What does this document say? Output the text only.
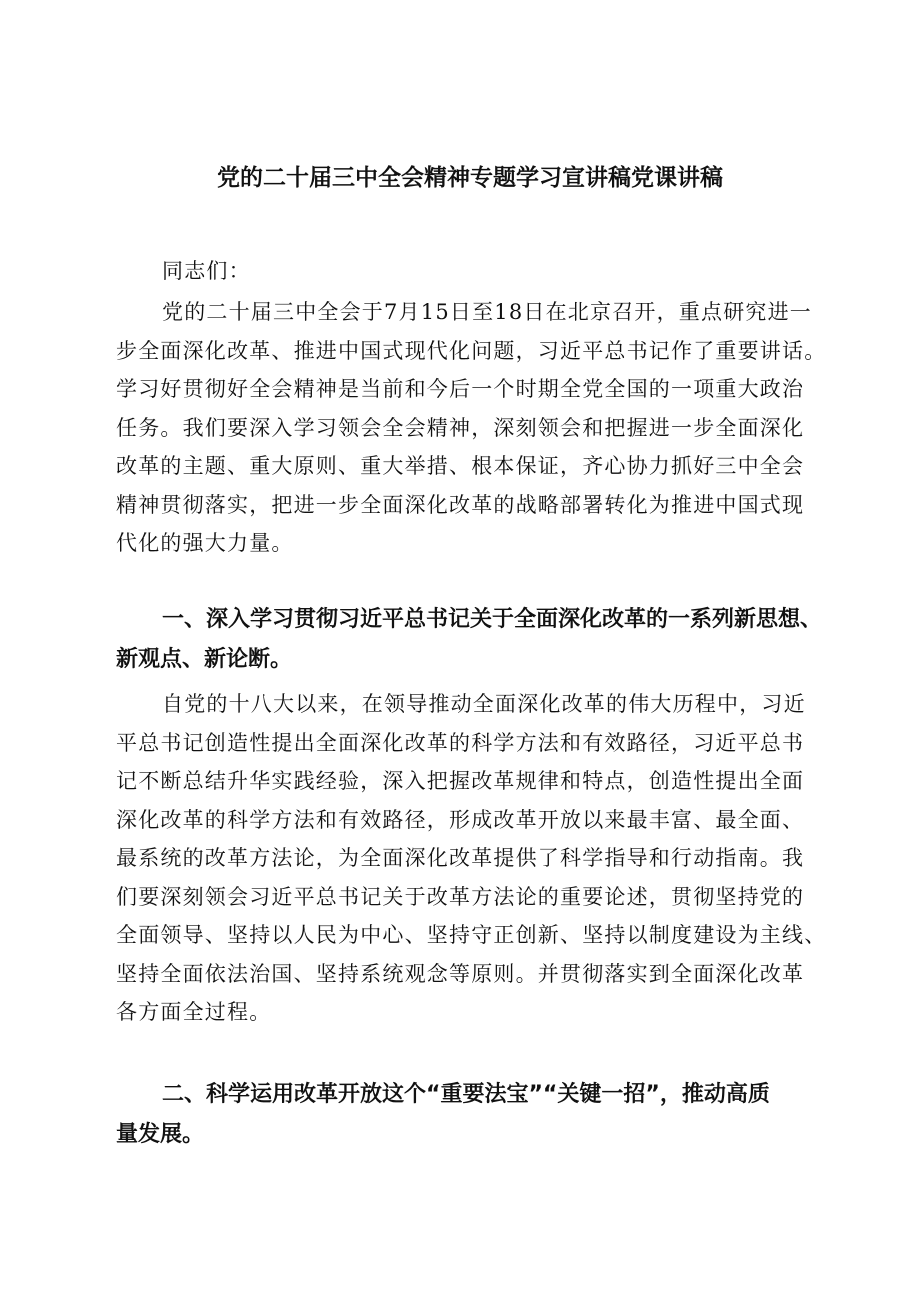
党的二十届三中全会精神专题学习宣讲稿党课讲稿
同志们：
党的二十届三中全会于7月15日至18日在北京召开，重点研究进一
步全面深化改革、推进中国式现代化问题，习近平总书记作了重要讲话。
学习好贯彻好全会精神是当前和今后一个时期全党全国的一项重大政治
任务。我们要深入学习领会全会精神，深刻领会和把握进一步全面深化
改革的主题、重大原则、重大举措、根本保证，齐心协力抓好三中全会
精神贯彻落实，把进一步全面深化改革的战略部署转化为推进中国式现
代化的强大力量。
一、深入学习贯彻习近平总书记关于全面深化改革的一系列新思想、
新观点、新论断。
自党的十八大以来，在领导推动全面深化改革的伟大历程中，习近
平总书记创造性提出全面深化改革的科学方法和有效路径，习近平总书
记不断总结升华实践经验，深入把握改革规律和特点，创造性提出全面
深化改革的科学方法和有效路径，形成改革开放以来最丰富、最全面、
最系统的改革方法论，为全面深化改革提供了科学指导和行动指南。我
们要深刻领会习近平总书记关于改革方法论的重要论述，贯彻坚持党的
全面领导、坚持以人民为中心、坚持守正创新、坚持以制度建设为主线、
坚持全面依法治国、坚持系统观念等原则。并贯彻落实到全面深化改革
各方面全过程。
二、科学运用改革开放这个“重要法宝”“关键一招”，推动高质
量发展。
